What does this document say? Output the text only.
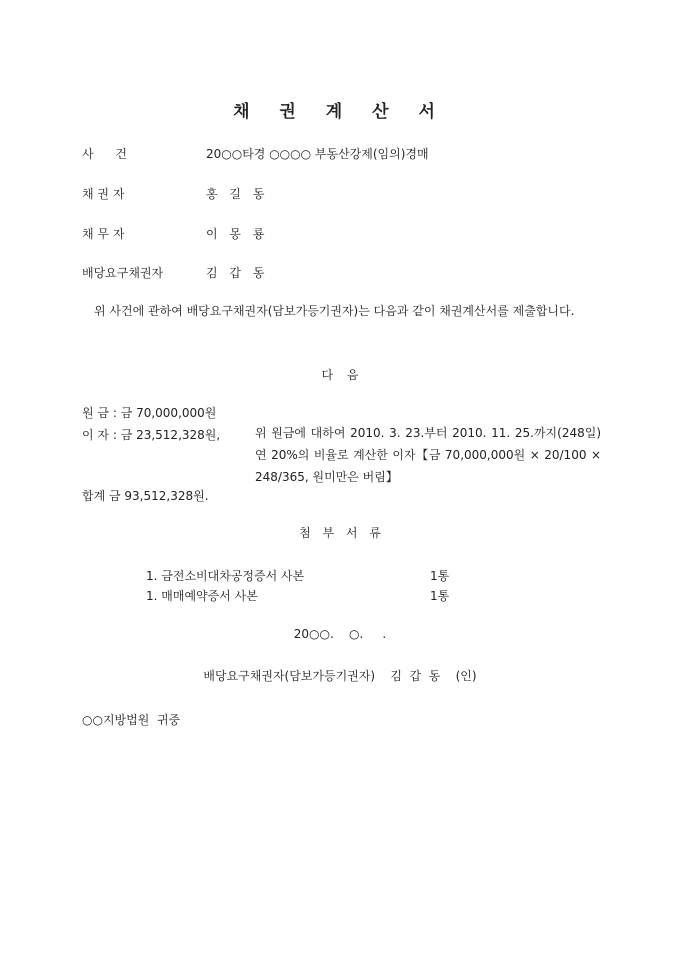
채 권 계 산 서
사 건	20○○타경 ○○○○ 부동산강제(임의)경매
채 권 자	홍 길 동
채 무 자	이 몽 룡
배당요구채권자	김 갑 동
위 사건에 관하여 배당요구채권자(담보가등기권자)는 다음과 같이 채권계산서를 제출합니다.
다 음
원 금 : 금 70,000,000원
이 자 : 금 23,512,328원,	위 원금에 대하여 2010. 3. 23.부터 2010. 11. 25.까지(248일) 연 20%의 비율로 계산한 이자【금 70,000,000원 × 20/100 × 248/365, 원미만은 버림】
합계 금 93,512,328원.
첨 부 서 류
1. 금전소비대차공정증서 사본	1통
1. 매매예약증서 사본	1통
20○○.    ○.     .
배당요구채권자(담보가등기권자)    김  갑  동    (인)
○○지방법원  귀중
